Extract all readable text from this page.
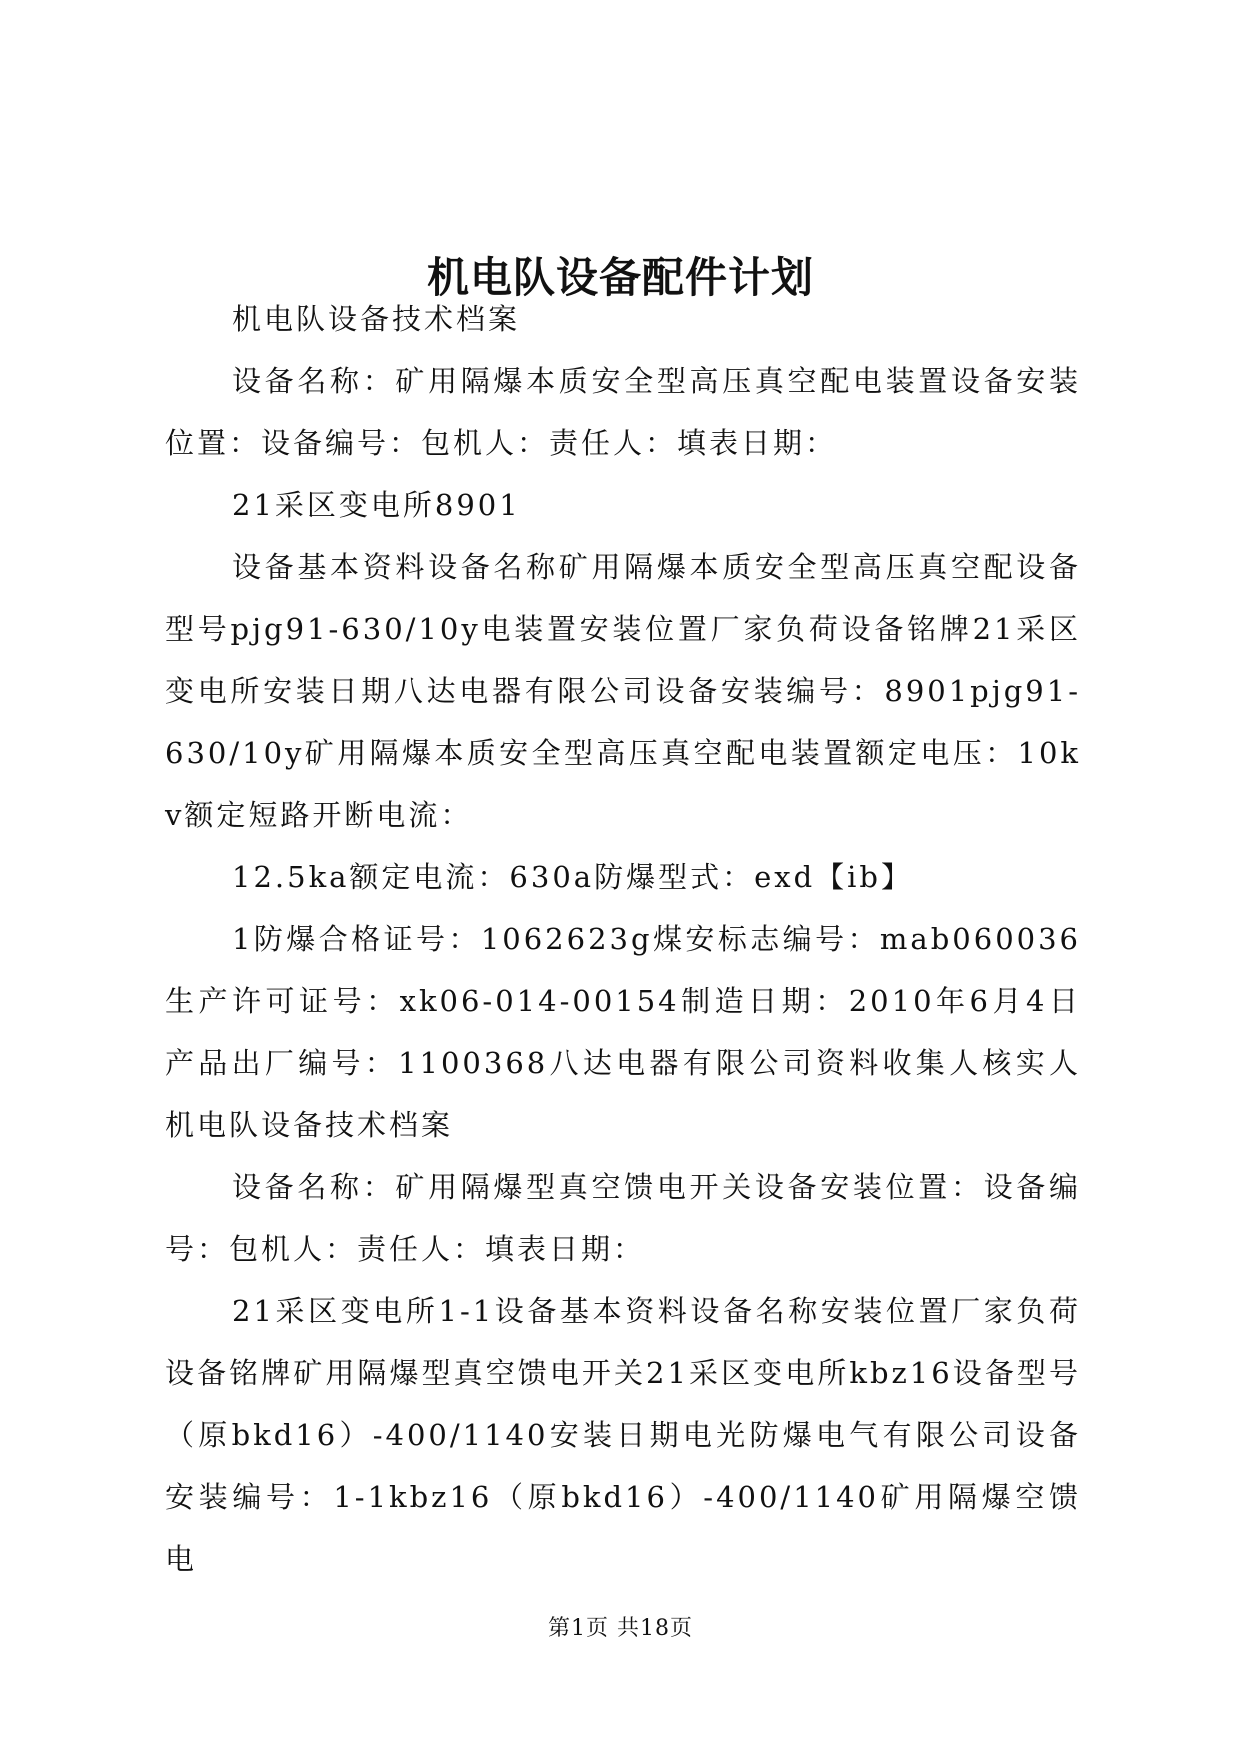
机电队设备配件计划

机电队设备技术档案

设备名称：矿用隔爆本质安全型高压真空配电装置设备安装位置：设备编号：包机人：责任人：填表日期：

21采区变电所8901

设备基本资料设备名称矿用隔爆本质安全型高压真空配设备型号pjg91-630/10y电装置安装位置厂家负荷设备铭牌21采区变电所安装日期八达电器有限公司设备安装编号：8901pjg91-630/10y矿用隔爆本质安全型高压真空配电装置额定电压：10kv额定短路开断电流：

12.5ka额定电流：630a防爆型式：exd【ib】

1防爆合格证号：1062623g煤安标志编号：mab060036生产许可证号：xk06-014-00154制造日期：2010年6月4日产品出厂编号：1100368八达电器有限公司资料收集人核实人机电队设备技术档案

设备名称：矿用隔爆型真空馈电开关设备安装位置：设备编号：包机人：责任人：填表日期：

21采区变电所1-1设备基本资料设备名称安装位置厂家负荷设备铭牌矿用隔爆型真空馈电开关21采区变电所kbz16设备型号（原bkd16）-400/1140安装日期电光防爆电气有限公司设备安装编号：1-1kbz16（原bkd16）-400/1140矿用隔爆空馈电

第1页 共18页
